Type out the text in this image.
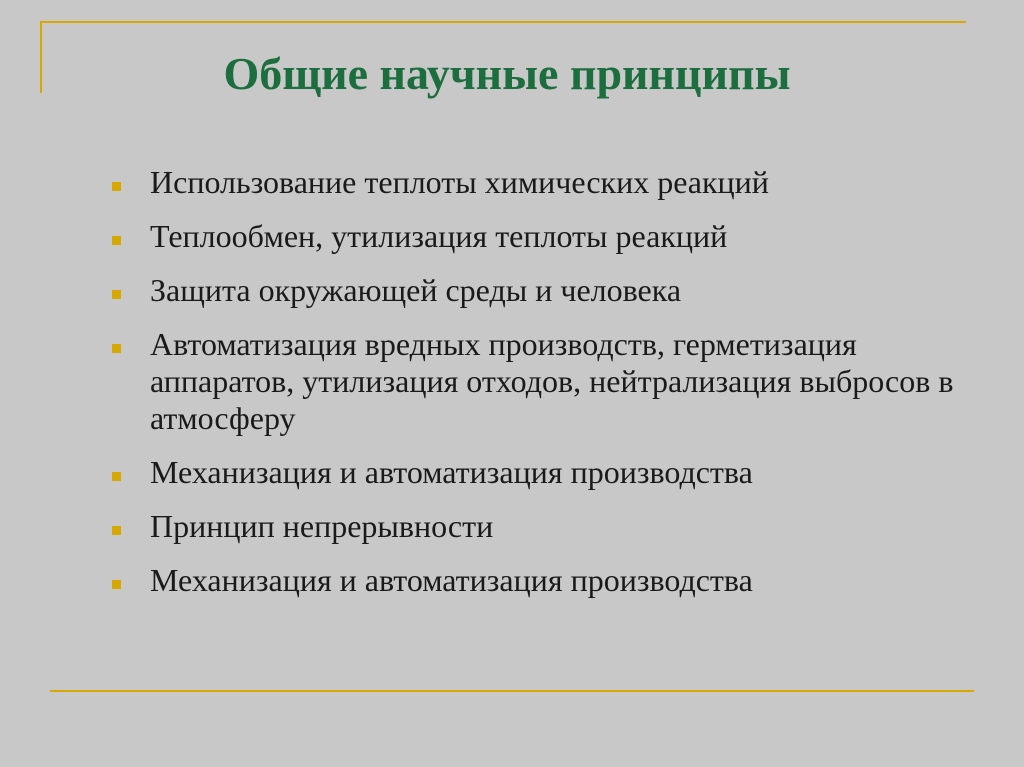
Общие научные принципы
Использование теплоты химических реакций
Теплообмен, утилизация теплоты реакций
Защита окружающей среды и человека
Автоматизация вредных производств, герметизация аппаратов, утилизация отходов, нейтрализация выбросов в атмосферу
Механизация и автоматизация производства
Принцип непрерывности
Механизация и автоматизация производства
